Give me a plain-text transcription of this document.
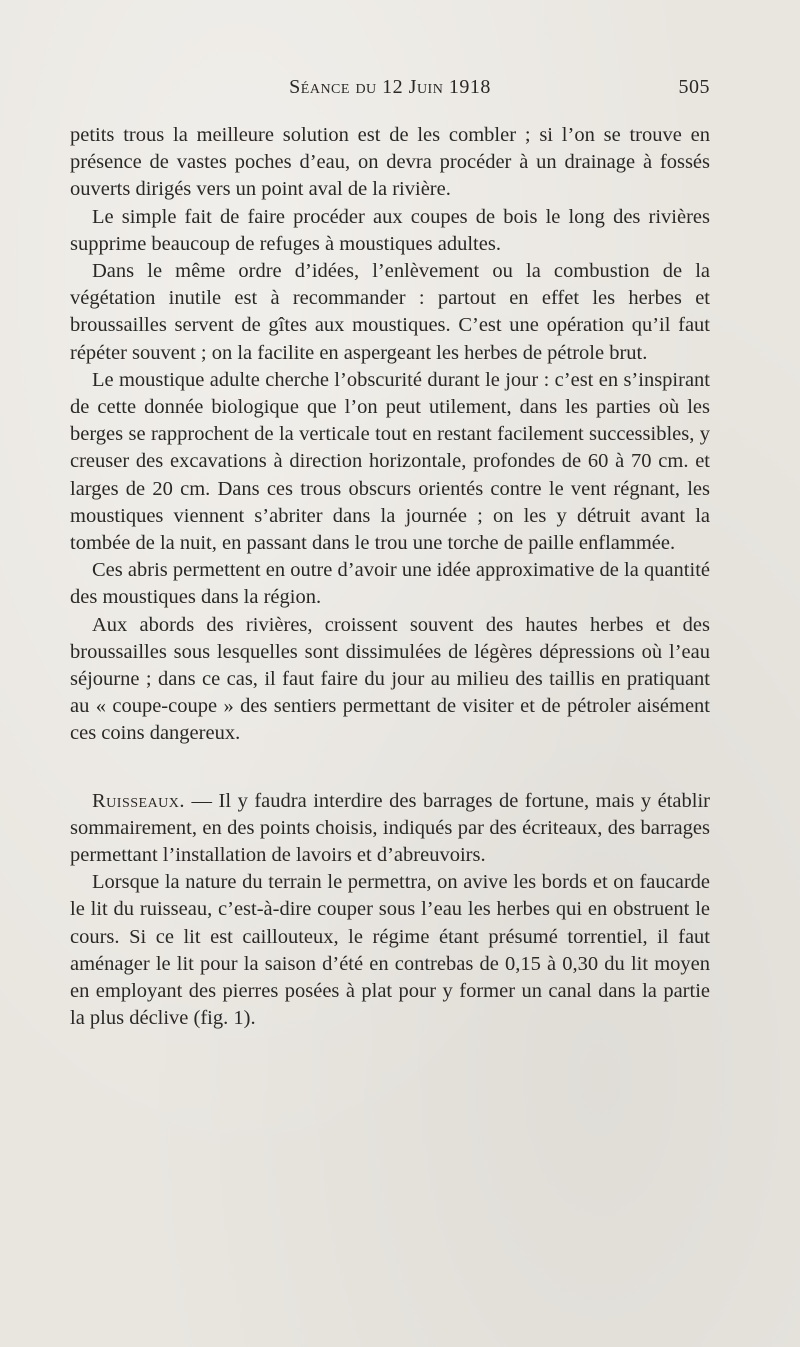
Séance du 12 Juin 1918	505

petits trous la meilleure solution est de les combler ; si l’on se trouve en présence de vastes poches d’eau, on devra procéder à un drainage à fossés ouverts dirigés vers un point aval de la rivière.

Le simple fait de faire procéder aux coupes de bois le long des rivières supprime beaucoup de refuges à moustiques adultes.

Dans le même ordre d’idées, l’enlèvement ou la combustion de la végétation inutile est à recommander : partout en effet les herbes et broussailles servent de gîtes aux moustiques. C’est une opération qu’il faut répéter souvent ; on la facilite en aspergeant les herbes de pétrole brut.

Le moustique adulte cherche l’obscurité durant le jour : c’est en s’inspirant de cette donnée biologique que l’on peut utilement, dans les parties où les berges se rapprochent de la verticale tout en restant facilement successibles, y creuser des excavations à direction horizontale, profondes de 60 à 70 cm. et larges de 20 cm. Dans ces trous obscurs orientés contre le vent régnant, les moustiques viennent s’abriter dans la journée ; on les y détruit avant la tombée de la nuit, en passant dans le trou une torche de paille enflammée.

Ces abris permettent en outre d’avoir une idée approximative de la quantité des moustiques dans la région.

Aux abords des rivières, croissent souvent des hautes herbes et des broussailles sous lesquelles sont dissimulées de légères dépressions où l’eau séjourne ; dans ce cas, il faut faire du jour au milieu des taillis en pratiquant au « coupe-coupe » des sentiers permettant de visiter et de pétroler aisément ces coins dangereux.

Ruisseaux. — Il y faudra interdire des barrages de fortune, mais y établir sommairement, en des points choisis, indiqués par des écriteaux, des barrages permettant l’installation de lavoirs et d’abreuvoirs.

Lorsque la nature du terrain le permettra, on avive les bords et on faucarde le lit du ruisseau, c’est-à-dire couper sous l’eau les herbes qui en obstruent le cours. Si ce lit est caillouteux, le régime étant présumé torrentiel, il faut aménager le lit pour la saison d’été en contrebas de 0,15 à 0,30 du lit moyen en employant des pierres posées à plat pour y former un canal dans la partie la plus déclive (fig. 1).
